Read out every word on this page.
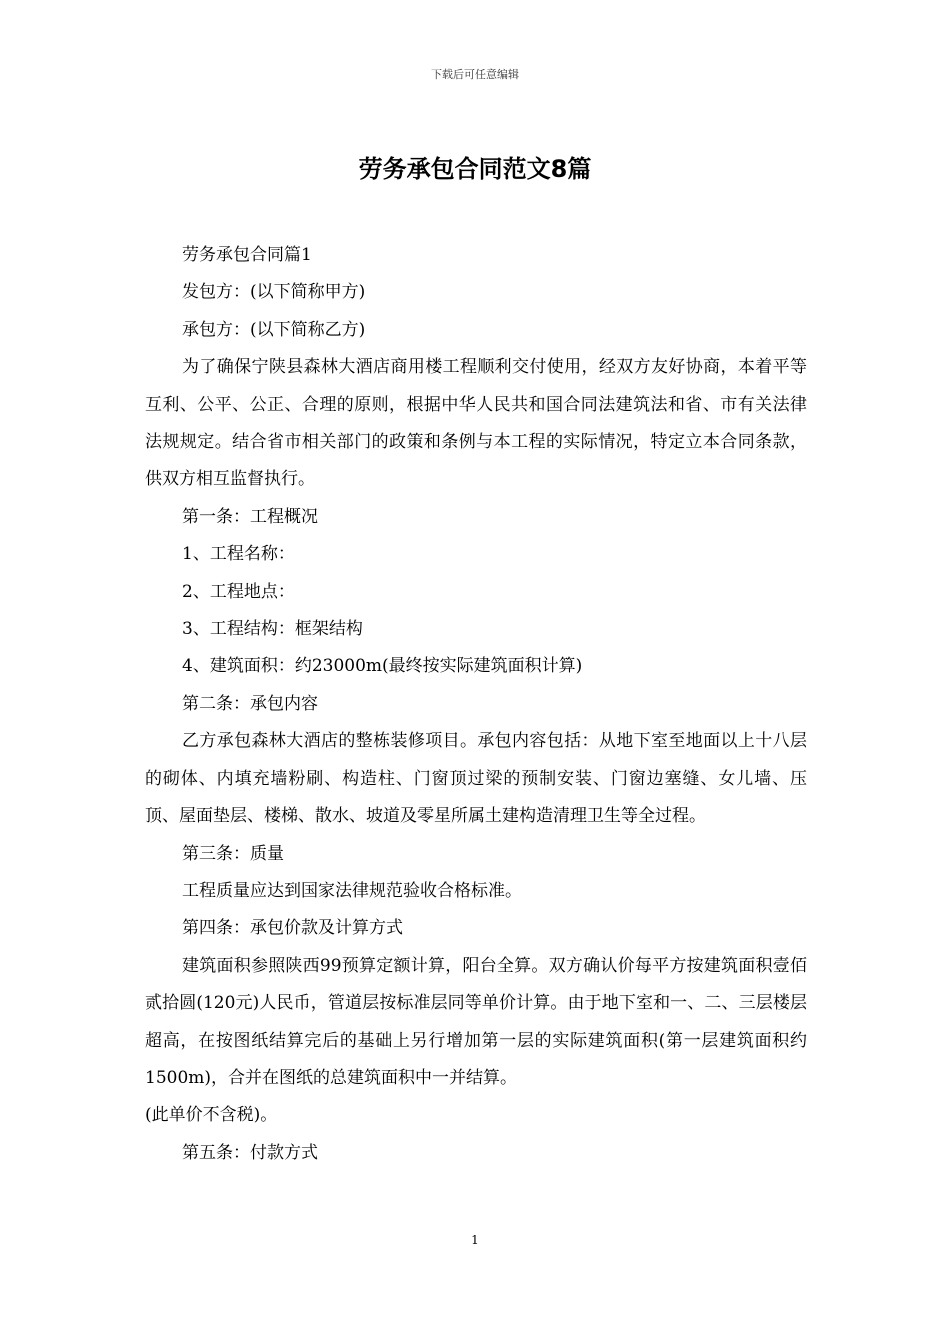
下载后可任意编辑
劳务承包合同范文8篇

劳务承包合同篇1

发包方：(以下简称甲方)

承包方：(以下简称乙方)

为了确保宁陕县森林大酒店商用楼工程顺利交付使用，经双方友好协商，本着平等互利、公平、公正、合理的原则，根据中华人民共和国合同法建筑法和省、市有关法律法规规定。结合省市相关部门的政策和条例与本工程的实际情况，特定立本合同条款，供双方相互监督执行。

第一条：工程概况

1、工程名称：

2、工程地点：

3、工程结构：框架结构

4、建筑面积：约23000m(最终按实际建筑面积计算)

第二条：承包内容

乙方承包森林大酒店的整栋装修项目。承包内容包括：从地下室至地面以上十八层的砌体、内填充墙粉刷、构造柱、门窗顶过梁的预制安装、门窗边塞缝、女儿墙、压顶、屋面垫层、楼梯、散水、坡道及零星所属土建构造清理卫生等全过程。

第三条：质量

工程质量应达到国家法律规范验收合格标准。

第四条：承包价款及计算方式

建筑面积参照陕西99预算定额计算，阳台全算。双方确认价每平方按建筑面积壹佰贰拾圆(120元)人民币，管道层按标准层同等单价计算。由于地下室和一、二、三层楼层超高，在按图纸结算完后的基础上另行增加第一层的实际建筑面积(第一层建筑面积约1500m)，合并在图纸的总建筑面积中一并结算。

(此单价不含税)。

第五条：付款方式

1
